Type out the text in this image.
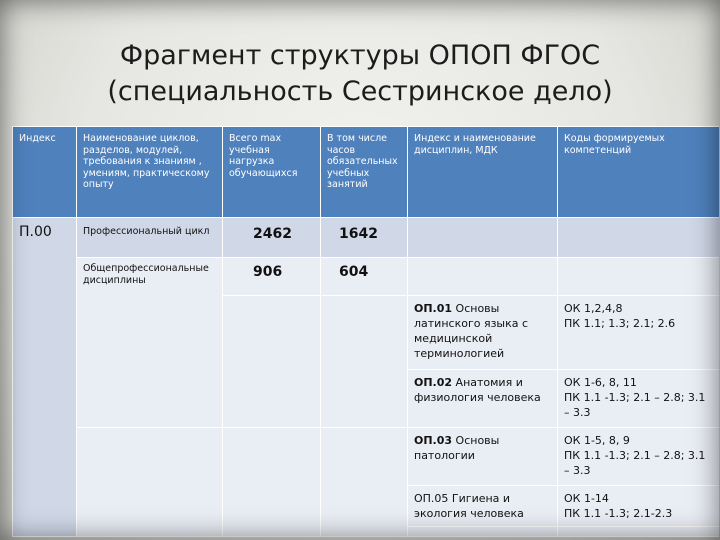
Фрагмент структуры ОПОП ФГОС
(специальность Сестринское дело)
Индекс	Наименование циклов, разделов, модулей, требования к знаниям , умениям, практическому опыту	Всего max учебная нагрузка обучающихся	В том числе часов обязательных учебных занятий	Индекс и наименование дисциплин, МДК	Коды формируемых компетенций
П.00	Профессиональный цикл	2462	1642		
	Общепрофессиональные дисциплины	906	604		
				ОП.01 Основы латинского языка с медицинской терминологией	ОК 1,2,4,8
ПК 1.1; 1.3; 2.1; 2.6
				ОП.02 Анатомия и физиология человека	ОК 1-6, 8, 11
ПК 1.1 -1.3; 2.1 – 2.8; 3.1 – 3.3
				ОП.03 Основы патологии	ОК 1-5, 8, 9
ПК 1.1 -1.3; 2.1 – 2.8; 3.1 – 3.3
				ОП.05 Гигиена и экология человека	ОК 1-14
ПК 1.1 -1.3; 2.1-2.3
